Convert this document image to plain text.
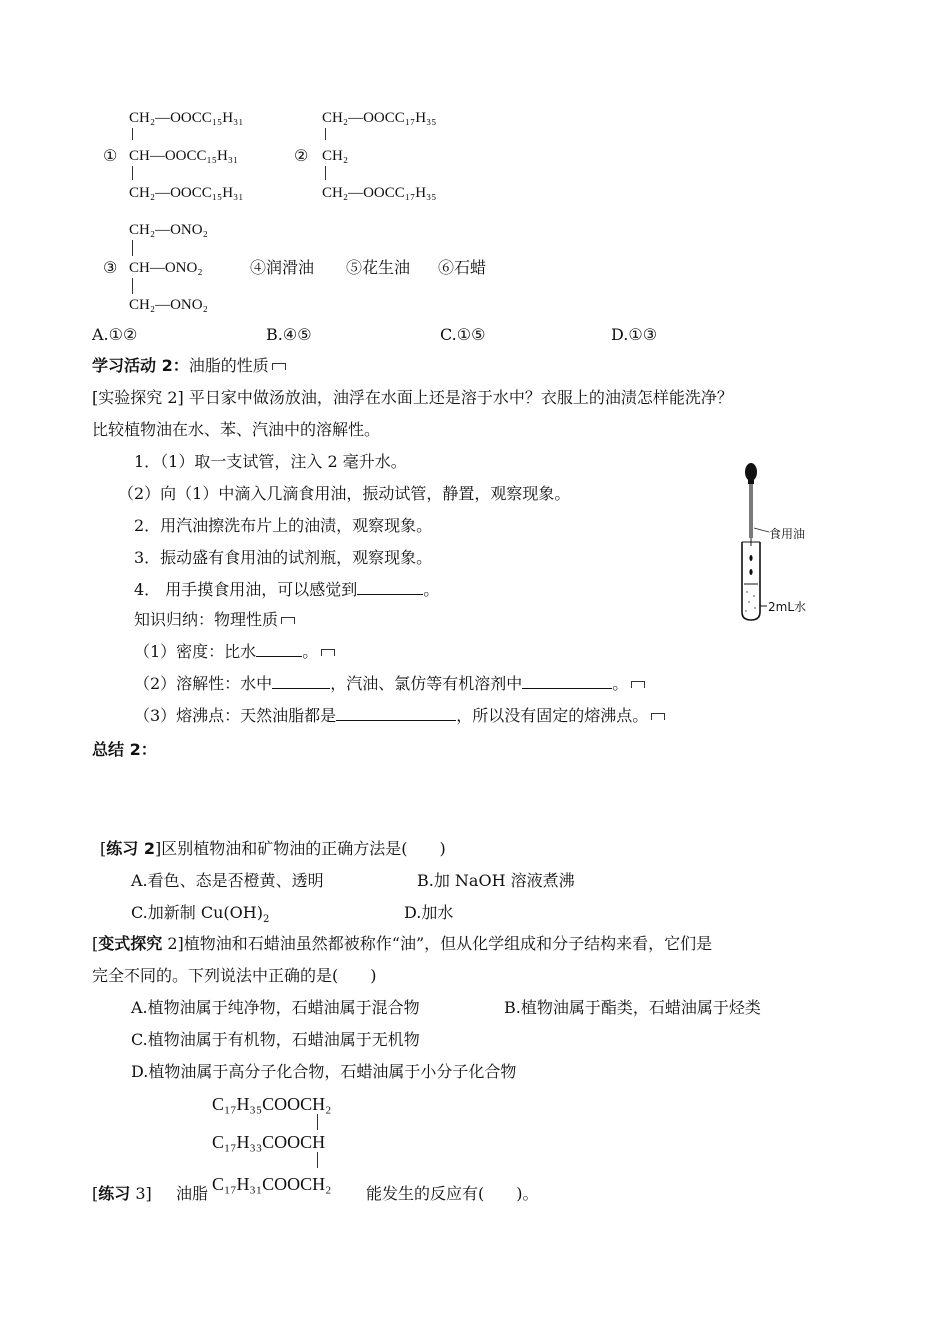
CH₂—OOCC₁₅H₃₁
① CH—OOCC₁₅H₃₁
CH₂—OOCC₁₅H₃₁
CH₂—OOCC₁₇H₃₅
② CH₂
CH₂—OOCC₁₇H₃₅
CH₂—ONO₂
③ CH—ONO₂
CH₂—ONO₂
④润滑油 ⑤花生油 ⑥石蜡
A.①②	B.④⑤	C.①⑤	D.①③
学习活动 2：油脂的性质
[实验探究 2] 平日家中做汤放油，油浮在水面上还是溶于水中？衣服上的油渍怎样能洗净？
比较植物油在水、苯、汽油中的溶解性。
1．（1）取一支试管，注入 2 毫升水。
（2）向（1）中滴入几滴食用油，振动试管，静置，观察现象。
2．用汽油擦洗布片上的油渍，观察现象。
3．振动盛有食用油的试剂瓶，观察现象。
4． 用手摸食用油，可以感觉到	。
知识归纳：物理性质
（1）密度：比水	。
（2）溶解性：水中	，汽油、氯仿等有机溶剂中	。
（3）熔沸点：天然油脂都是	，所以没有固定的熔沸点。
食用油
2mL水
总结 2：
[练习 2]区别植物油和矿物油的正确方法是(　　)
A.看色、态是否橙黄、透明	B.加 NaOH 溶液煮沸
C.加新制 $Cu(OH)_2$	D.加水
[变式探究 2]植物油和石蜡油虽然都被称作“油”，但从化学组成和分子结构来看，它们是
完全不同的。下列说法中正确的是(　　)
A.植物油属于纯净物，石蜡油属于混合物	B.植物油属于酯类，石蜡油属于烃类
C.植物油属于有机物，石蜡油属于无机物
D.植物油属于高分子化合物，石蜡油属于小分子化合物
C₁₇H₃₅COOCH₂
C₁₇H₃₃COOCH
C₁₇H₃₁COOCH₂
[练习 3] 油脂	能发生的反应有(　　)。
